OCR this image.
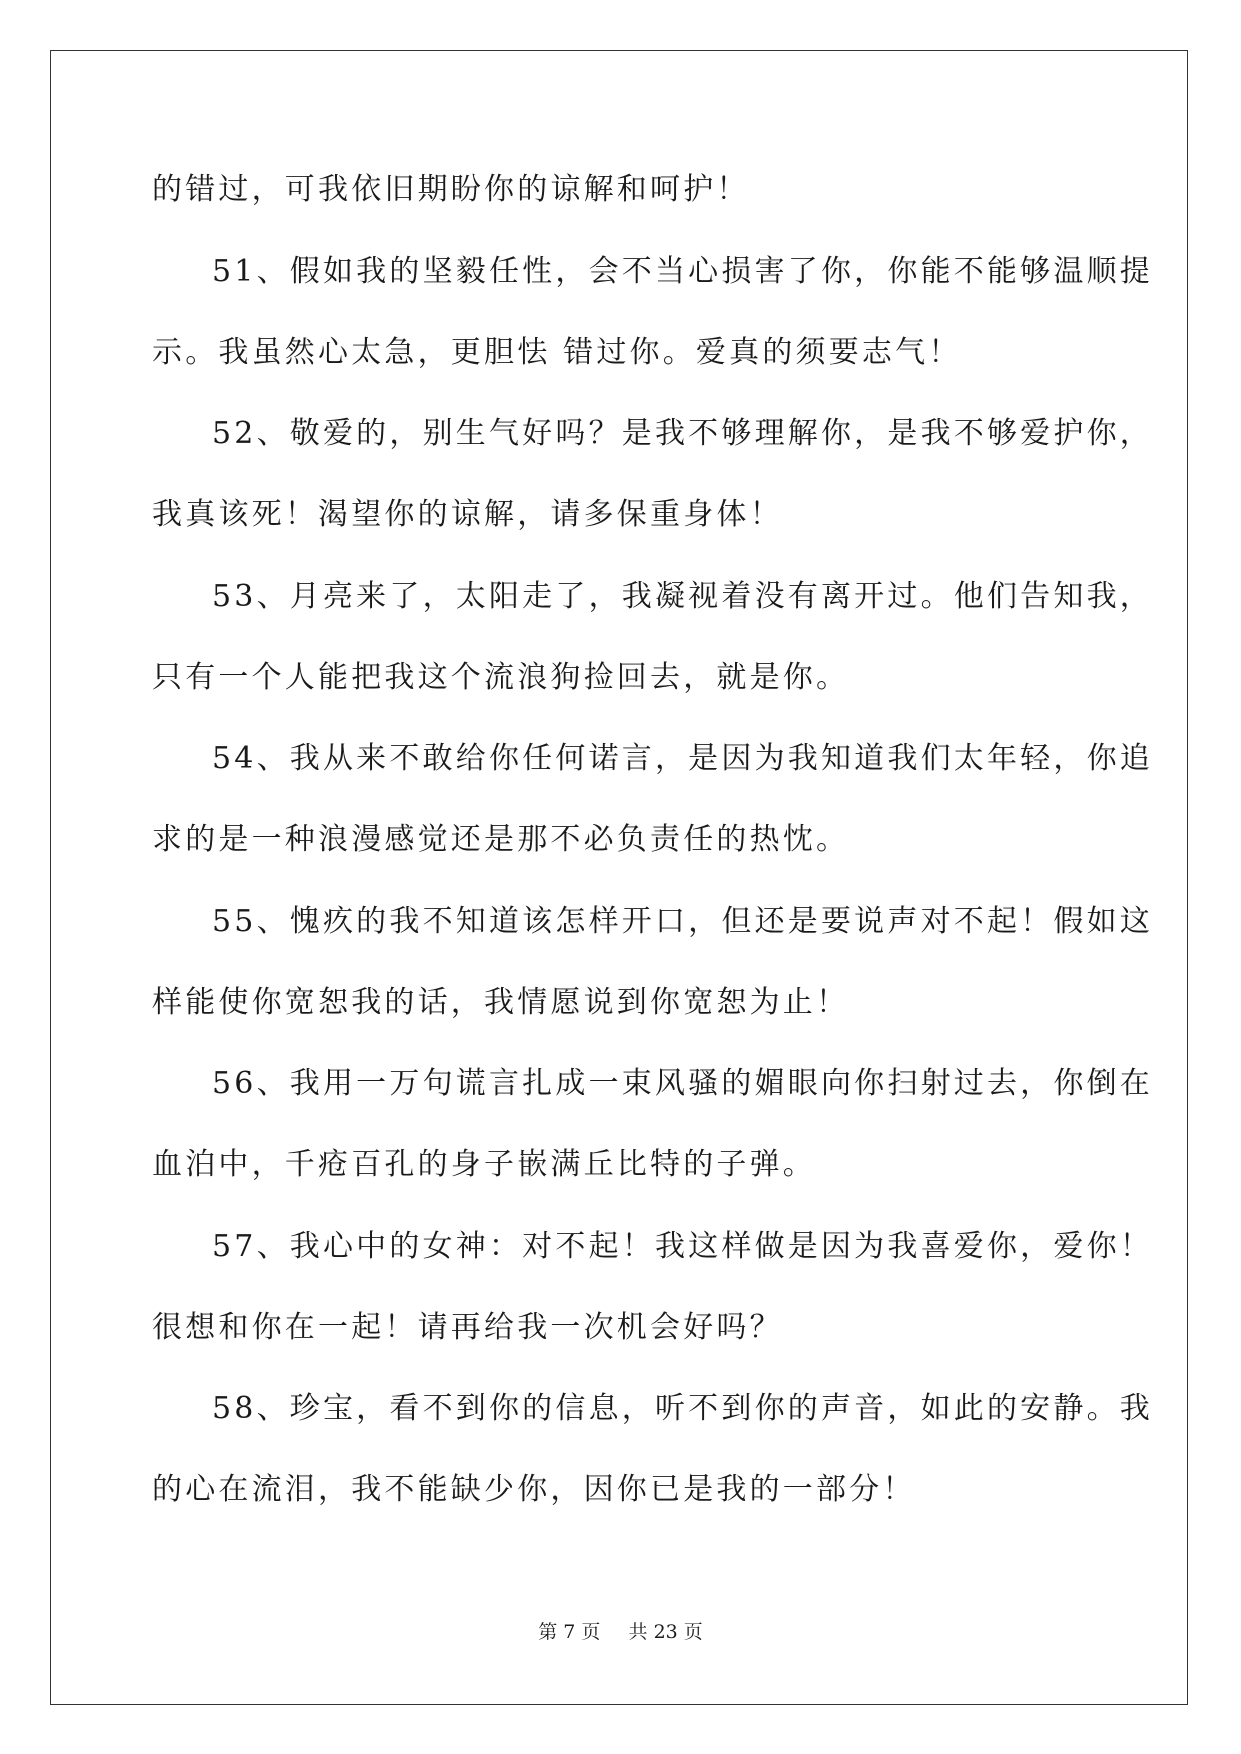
的错过，可我依旧期盼你的谅解和呵护！
51、假如我的坚毅任性，会不当心损害了你，你能不能够温顺提
示。我虽然心太急，更胆怯 错过你。爱真的须要志气！
52、敬爱的，别生气好吗？是我不够理解你，是我不够爱护你，
我真该死！渴望你的谅解，请多保重身体！
53、月亮来了，太阳走了，我凝视着没有离开过。他们告知我，
只有一个人能把我这个流浪狗捡回去，就是你。
54、我从来不敢给你任何诺言，是因为我知道我们太年轻，你追
求的是一种浪漫感觉还是那不必负责任的热忱。
55、愧疚的我不知道该怎样开口，但还是要说声对不起！假如这
样能使你宽恕我的话，我情愿说到你宽恕为止！
56、我用一万句谎言扎成一束风骚的媚眼向你扫射过去，你倒在
血泊中，千疮百孔的身子嵌满丘比特的子弹。
57、我心中的女神：对不起！我这样做是因为我喜爱你，爱你！
很想和你在一起！请再给我一次机会好吗？
58、珍宝，看不到你的信息，听不到你的声音，如此的安静。我
的心在流泪，我不能缺少你，因你已是我的一部分！
第 7 页 共 23 页
